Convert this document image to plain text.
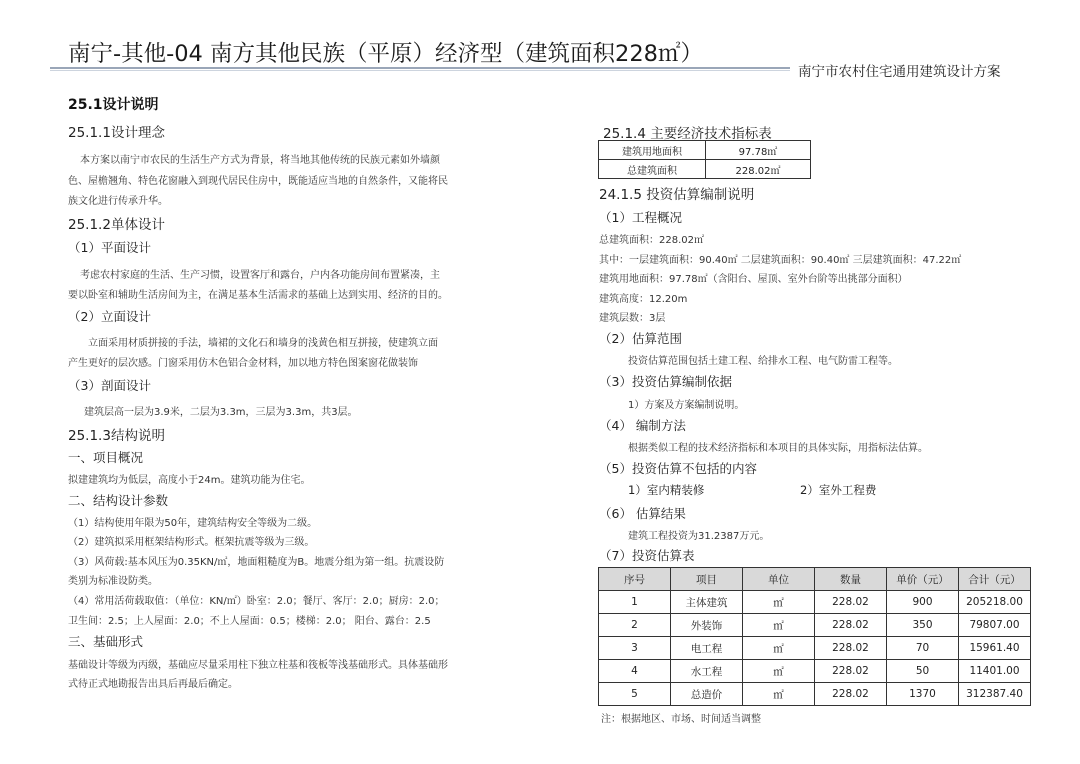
南宁-其他-04 南方其他民族（平原）经济型（建筑面积228㎡）
南宁市农村住宅通用建筑设计方案
25.1设计说明
25.1.1设计理念
本方案以南宁市农民的生活生产方式为背景，将当地其他传统的民族元素如外墙颜
色、屋檐翘角、特色花窗融入到现代居民住房中，既能适应当地的自然条件，又能将民
族文化进行传承升华。
25.1.2单体设计
（1）平面设计
考虑农村家庭的生活、生产习惯，设置客厅和露台，户内各功能房间布置紧凑，主
要以卧室和辅助生活房间为主，在满足基本生活需求的基础上达到实用、经济的目的。
（2）立面设计
立面采用材质拼接的手法，墙裙的文化石和墙身的浅黄色相互拼接，使建筑立面
产生更好的层次感。门窗采用仿木色铝合金材料，加以地方特色图案窗花做装饰
（3）剖面设计
建筑层高一层为3.9米，二层为3.3m，三层为3.3m，共3层。
25.1.3结构说明
一、项目概况
拟建建筑均为低层，高度小于24m。建筑功能为住宅。
二、结构设计参数
（1）结构使用年限为50年，建筑结构安全等级为二级。
（2）建筑拟采用框架结构形式。框架抗震等级为三级。
（3）风荷载:基本风压为0.35KN/㎡，地面粗糙度为B。地震分组为第一组。抗震设防
类别为标准设防类。
（4）常用活荷载取值：（单位：KN/㎡）卧室：2.0；餐厅、客厅：2.0；厨房：2.0；
卫生间：2.5；上人屋面：2.0；不上人屋面：0.5；楼梯：2.0； 阳台、露台：2.5
三、基础形式
基础设计等级为丙级，基础应尽量采用柱下独立柱基和筏板等浅基础形式。具体基础形
式待正式地勘报告出具后再最后确定。
25.1.4 主要经济技术指标表
建筑用地面积	97.78㎡
总建筑面积	228.02㎡
24.1.5 投资估算编制说明
（1）工程概况
总建筑面积：228.02㎡
其中：一层建筑面积：90.40㎡ 二层建筑面积：90.40㎡ 三层建筑面积：47.22㎡
建筑用地面积：97.78㎡（含阳台、屋顶、室外台阶等出挑部分面积）
建筑高度：12.20m
建筑层数：3层
（2）估算范围
投资估算范围包括土建工程、给排水工程、电气防雷工程等。
（3）投资估算编制依据
1）方案及方案编制说明。
（4） 编制方法
根据类似工程的技术经济指标和本项目的具体实际，用指标法估算。
（5）投资估算不包括的内容
1）室内精装修	2）室外工程费
（6） 估算结果
建筑工程投资为31.2387万元。
（7）投资估算表
序号	项目	单位	数量	单价（元）	合计（元）
1	主体建筑	㎡	228.02	900	205218.00
2	外装饰	㎡	228.02	350	79807.00
3	电工程	㎡	228.02	70	15961.40
4	水工程	㎡	228.02	50	11401.00
5	总造价	㎡	228.02	1370	312387.40
注：根据地区、市场、时间适当调整
